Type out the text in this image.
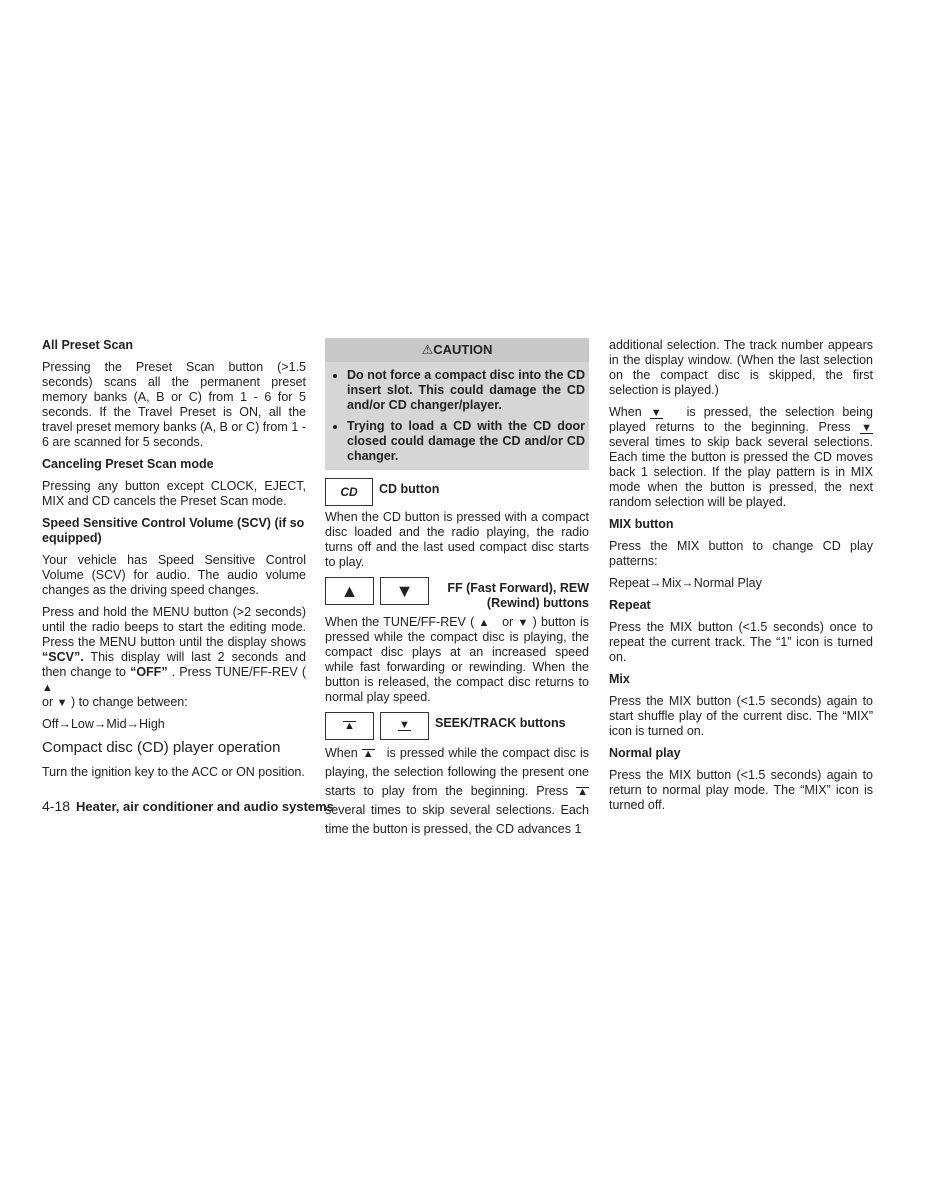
All Preset Scan

Pressing the Preset Scan button (>1.5 seconds) scans all the permanent preset memory banks (A, B or C) from 1 - 6 for 5 seconds. If the Travel Preset is ON, all the travel preset memory banks (A, B or C) from 1 - 6 are scanned for 5 seconds.

Canceling Preset Scan mode

Pressing any button except CLOCK, EJECT, MIX and CD cancels the Preset Scan mode.

Speed Sensitive Control Volume (SCV) (if so equipped)

Your vehicle has Speed Sensitive Control Volume (SCV) for audio. The audio volume changes as the driving speed changes.

Press and hold the MENU button (>2 seconds) until the radio beeps to start the editing mode. Press the MENU button until the display shows “SCV”. This display will last 2 seconds and then change to “OFF” . Press TUNE/FF-REV ( ▲
or ▼ ) to change between:

Off→Low→Mid→High

Compact disc (CD) player operation

Turn the ignition key to the ACC or ON position.

⚠CAUTION
• Do not force a compact disc into the CD insert slot. This could damage the CD and/or CD changer/player.
• Trying to load a CD with the CD door closed could damage the CD and/or CD changer.
CD	CD button

When the CD button is pressed with a compact disc loaded and the radio playing, the radio turns off and the last used compact disc starts to play.

▲	▼	FF (Fast Forward), REW (Rewind) buttons

When the TUNE/FF-REV ( ▲ or ▼ ) button is pressed while the compact disc is playing, the compact disc plays at an increased speed while fast forwarding or rewinding. When the button is released, the compact disc returns to normal play speed.

▲	▼ SEEK/TRACK buttons

When ▲ is pressed while the compact disc is playing, the selection following the present one starts to play from the beginning. Press ▲ several times to skip several selections. Each time the button is pressed, the CD advances 1

additional selection. The track number appears in the display window. (When the last selection on the compact disc is skipped, the first selection is played.)

When ▼ is pressed, the selection being played returns to the beginning. Press ▼ several times to skip back several selections. Each time the button is pressed the CD moves back 1 selection. If the play pattern is in MIX mode when the button is pressed, the next random selection will be played.

MIX button

Press the MIX button to change CD play patterns:

Repeat→Mix→Normal Play

Repeat

Press the MIX button (<1.5 seconds) once to repeat the current track. The “1” icon is turned on.

Mix

Press the MIX button (<1.5 seconds) again to start shuffle play of the current disc. The “MIX” icon is turned on.

Normal play

Press the MIX button (<1.5 seconds) again to return to normal play mode. The “MIX” icon is turned off.

4-18 Heater, air conditioner and audio systems
